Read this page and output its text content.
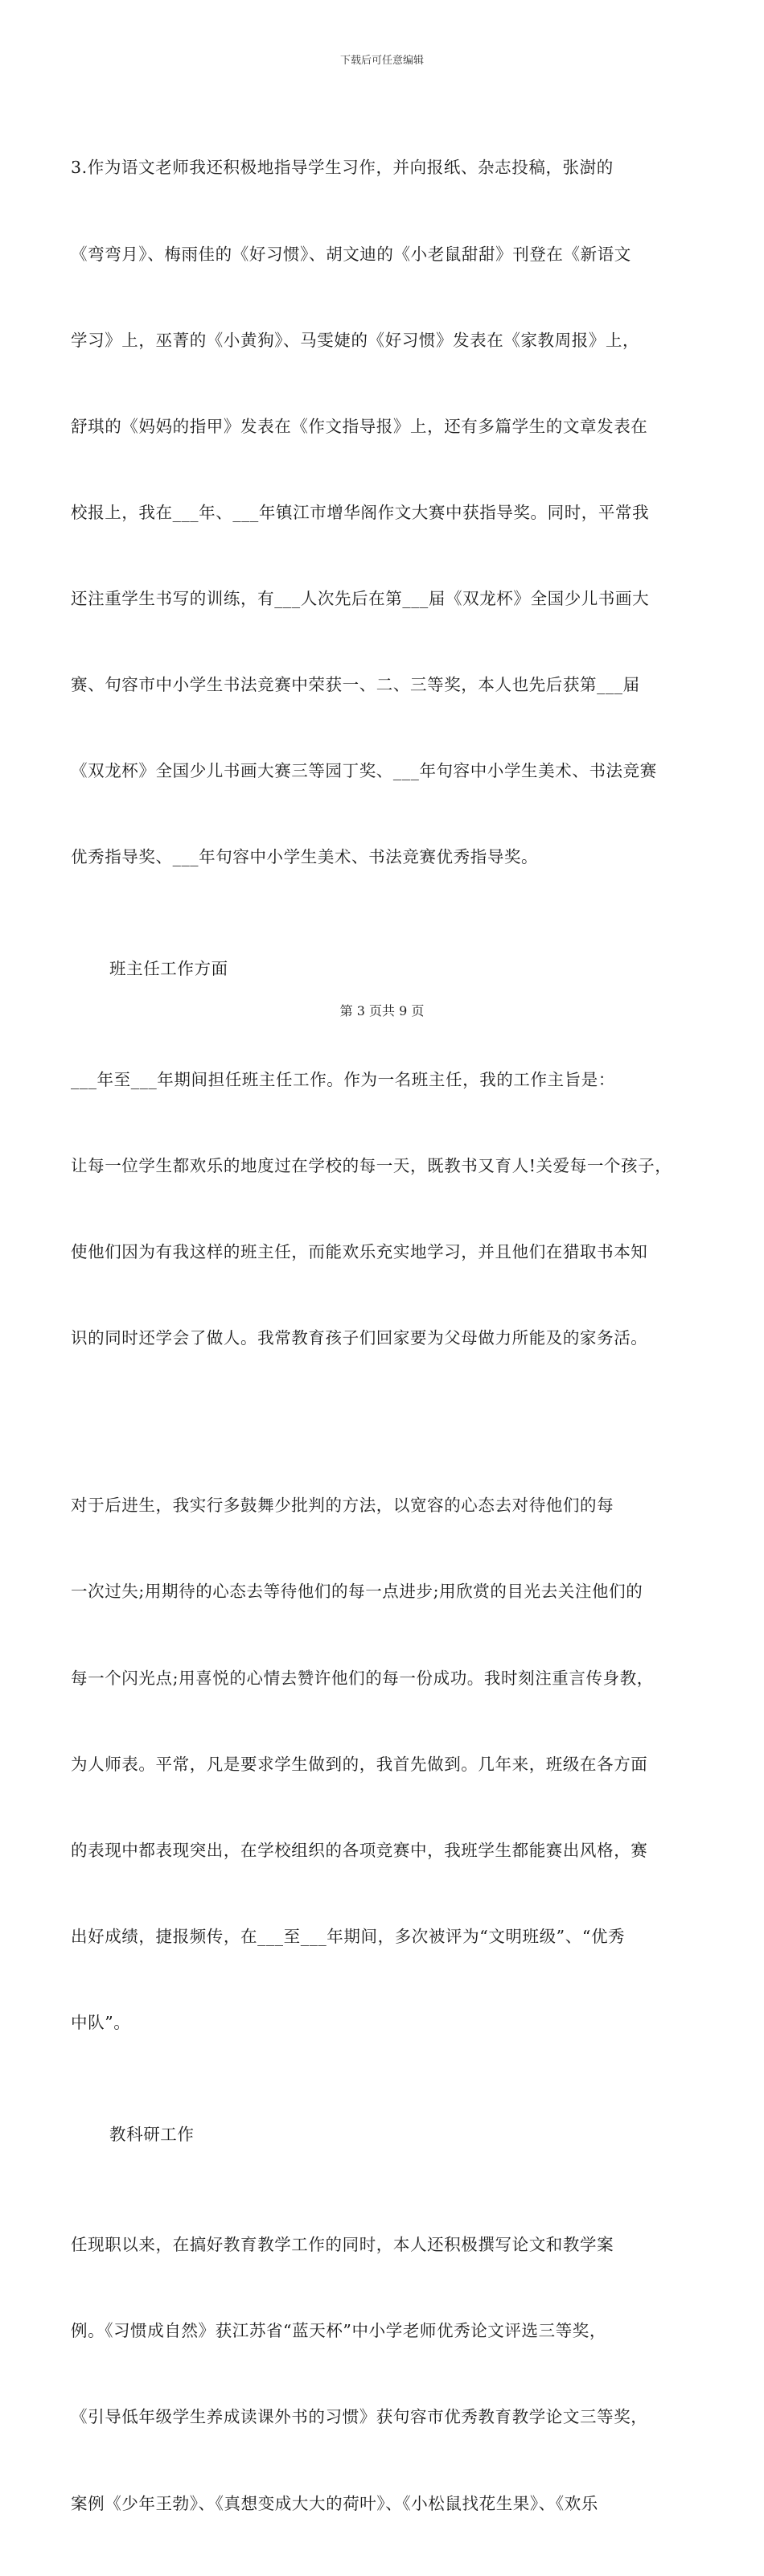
下载后可任意编辑

3.作为语文老师我还积极地指导学生习作，并向报纸、杂志投稿，张澍的

《弯弯月》、梅雨佳的《好习惯》、胡文迪的《小老鼠甜甜》刊登在《新语文

学习》上，巫菁的《小黄狗》、马雯婕的《好习惯》发表在《家教周报》上，

舒琪的《妈妈的指甲》发表在《作文指导报》上，还有多篇学生的文章发表在

校报上，我在___年、___年镇江市增华阁作文大赛中获指导奖。同时，平常我

还注重学生书写的训练，有___人次先后在第___届《双龙杯》全国少儿书画大

赛、句容市中小学生书法竞赛中荣获一、二、三等奖，本人也先后获第___届

《双龙杯》全国少儿书画大赛三等园丁奖、___年句容中小学生美术、书法竞赛

优秀指导奖、___年句容中小学生美术、书法竞赛优秀指导奖。

班主任工作方面

___年至___年期间担任班主任工作。作为一名班主任，我的工作主旨是：

让每一位学生都欢乐的地度过在学校的每一天，既教书又育人!关爱每一个孩子，

使他们因为有我这样的班主任，而能欢乐充实地学习，并且他们在猎取书本知

识的同时还学会了做人。我常教育孩子们回家要为父母做力所能及的家务活。

对于后进生，我实行多鼓舞少批判的方法，以宽容的心态去对待他们的每

一次过失;用期待的心态去等待他们的每一点进步;用欣赏的目光去关注他们的

每一个闪光点;用喜悦的心情去赞许他们的每一份成功。我时刻注重言传身教，

为人师表。平常，凡是要求学生做到的，我首先做到。几年来，班级在各方面

的表现中都表现突出，在学校组织的各项竞赛中，我班学生都能赛出风格，赛

出好成绩，捷报频传，在___至___年期间，多次被评为“文明班级”、“优秀

中队”。

教科研工作

任现职以来，在搞好教育教学工作的同时，本人还积极撰写论文和教学案

例。《习惯成自然》获江苏省“蓝天杯”中小学老师优秀论文评选三等奖，

《引导低年级学生养成读课外书的习惯》获句容市优秀教育教学论文三等奖，

案例《少年王勃》、《真想变成大大的荷叶》、《小松鼠找花生果》、《欢乐

第 3 页共 9 页
